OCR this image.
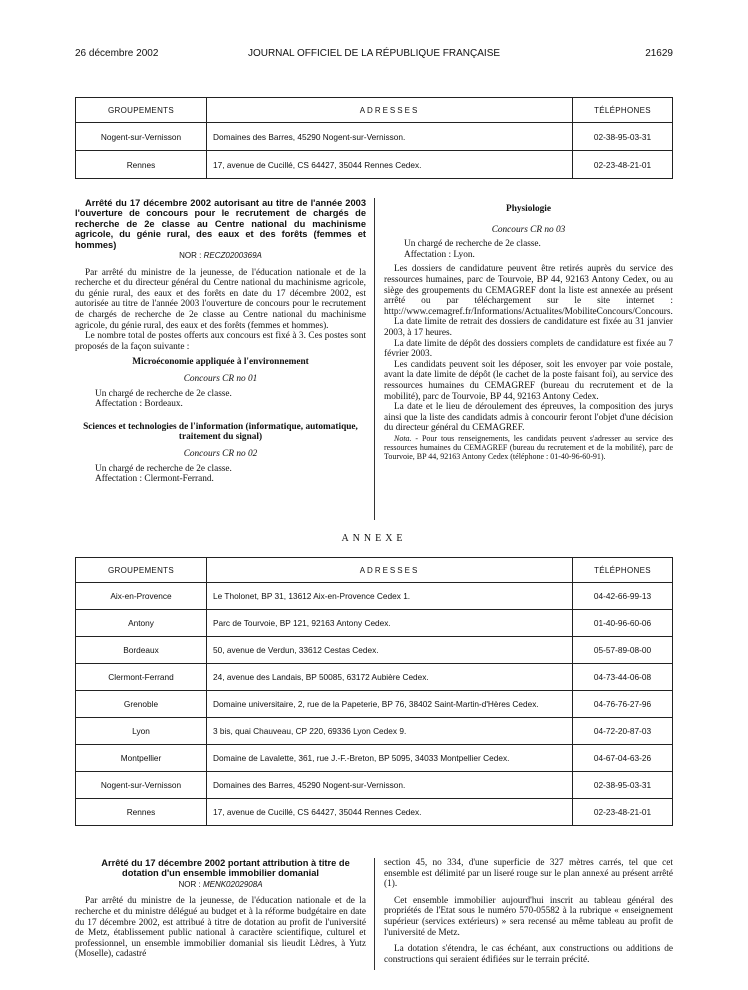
26 décembre 2002	JOURNAL OFFICIEL DE LA RÉPUBLIQUE FRANÇAISE	21629
GROUPEMENTS	ADRESSES	TÉLÉPHONES
Nogent-sur-Vernisson	Domaines des Barres, 45290 Nogent-sur-Vernisson.	02-38-95-03-31
Rennes	17, avenue de Cucillé, CS 64427, 35044 Rennes Cedex.	02-23-48-21-01

Arrêté du 17 décembre 2002 autorisant au titre de l'année 2003 l'ouverture de concours pour le recrutement de chargés de recherche de 2e classe au Centre national du machinisme agricole, du génie rural, des eaux et des forêts (femmes et hommes)

NOR : RECZ0200369A

Par arrêté du ministre de la jeunesse, de l'éducation nationale et de la recherche et du directeur général du Centre national du machinisme agricole, du génie rural, des eaux et des forêts en date du 17 décembre 2002, est autorisée au titre de l'année 2003 l'ouverture de concours pour le recrutement de chargés de recherche de 2e classe au Centre national du machinisme agricole, du génie rural, des eaux et des forêts (femmes et hommes).

Le nombre total de postes offerts aux concours est fixé à 3. Ces postes sont proposés de la façon suivante :

Microéconomie appliquée à l'environnement
Concours CR no 01

Un chargé de recherche de 2e classe.

Affectation : Bordeaux.

Sciences et technologies de l'information (informatique, automatique, traitement du signal)
Concours CR no 02

Un chargé de recherche de 2e classe.

Affectation : Clermont-Ferrand.

Physiologie
Concours CR no 03

Un chargé de recherche de 2e classe.

Affectation : Lyon.

Les dossiers de candidature peuvent être retirés auprès du service des ressources humaines, parc de Tourvoie, BP 44, 92163 Antony Cedex, ou au siège des groupements du CEMAGREF dont la liste est annexée au présent arrêté ou par téléchargement sur le site internet : http://www.cemagref.fr/Informations/Actualites/MobiliteConcours/Concours.

La date limite de retrait des dossiers de candidature est fixée au 31 janvier 2003, à 17 heures.

La date limite de dépôt des dossiers complets de candidature est fixée au 7 février 2003.

Les candidats peuvent soit les déposer, soit les envoyer par voie postale, avant la date limite de dépôt (le cachet de la poste faisant foi), au service des ressources humaines du CEMAGREF (bureau du recrutement et de la mobilité), parc de Tourvoie, BP 44, 92163 Antony Cedex.

La date et le lieu de déroulement des épreuves, la composition des jurys ainsi que la liste des candidats admis à concourir feront l'objet d'une décision du directeur général du CEMAGREF.

Nota. - Pour tous renseignements, les candidats peuvent s'adresser au service des ressources humaines du CEMAGREF (bureau du recrutement et de la mobilité), parc de Tourvoie, BP 44, 92163 Antony Cedex (téléphone : 01-40-96-60-91).

ANNEXE
GROUPEMENTS	ADRESSES	TÉLÉPHONES
Aix-en-Provence	Le Tholonet, BP 31, 13612 Aix-en-Provence Cedex 1.	04-42-66-99-13
Antony	Parc de Tourvoie, BP 121, 92163 Antony Cedex.	01-40-96-60-06
Bordeaux	50, avenue de Verdun, 33612 Cestas Cedex.	05-57-89-08-00
Clermont-Ferrand	24, avenue des Landais, BP 50085, 63172 Aubière Cedex.	04-73-44-06-08
Grenoble	Domaine universitaire, 2, rue de la Papeterie, BP 76, 38402 Saint-Martin-d'Hères Cedex.	04-76-76-27-96
Lyon	3 bis, quai Chauveau, CP 220, 69336 Lyon Cedex 9.	04-72-20-87-03
Montpellier	Domaine de Lavalette, 361, rue J.-F.-Breton, BP 5095, 34033 Montpellier Cedex.	04-67-04-63-26
Nogent-sur-Vernisson	Domaines des Barres, 45290 Nogent-sur-Vernisson.	02-38-95-03-31
Rennes	17, avenue de Cucillé, CS 64427, 35044 Rennes Cedex.	02-23-48-21-01

Arrêté du 17 décembre 2002 portant attribution à titre de dotation d'un ensemble immobilier domanial

NOR : MENK0202908A

Par arrêté du ministre de la jeunesse, de l'éducation nationale et de la recherche et du ministre délégué au budget et à la réforme budgétaire en date du 17 décembre 2002, est attribué à titre de dotation au profit de l'université de Metz, établissement public national à caractère scientifique, culturel et professionnel, un ensemble immobilier domanial sis lieudit Lèdres, à Yutz (Moselle), cadastré

section 45, no 334, d'une superficie de 327 mètres carrés, tel que cet ensemble est délimité par un liseré rouge sur le plan annexé au présent arrêté (1).

Cet ensemble immobilier aujourd'hui inscrit au tableau général des propriétés de l'Etat sous le numéro 570-05582 à la rubrique « enseignement supérieur (services extérieurs) » sera recensé au même tableau au profit de l'université de Metz.

La dotation s'étendra, le cas échéant, aux constructions ou additions de constructions qui seraient édifiées sur le terrain précité.
